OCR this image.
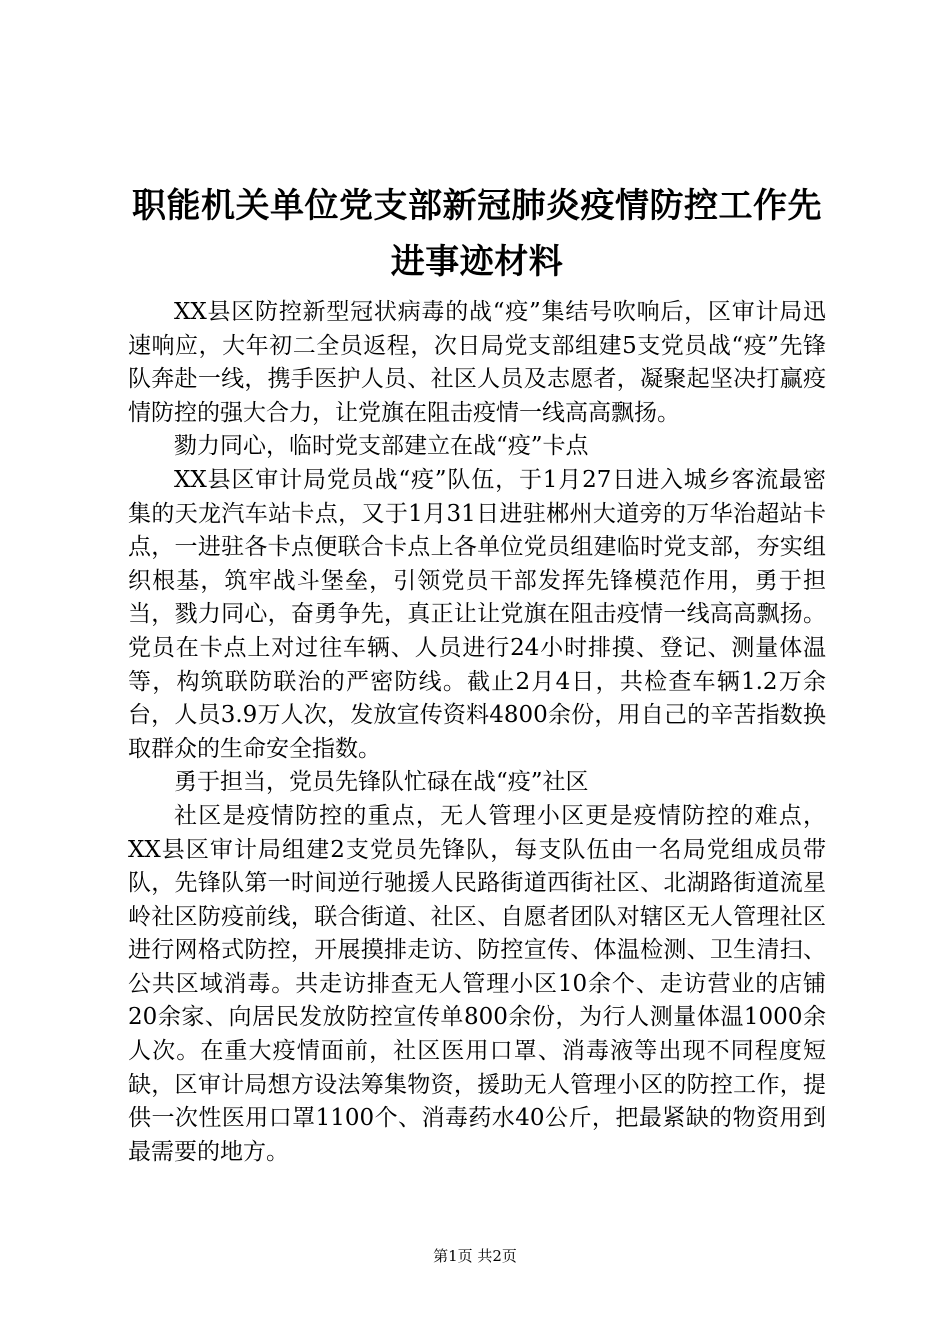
职能机关单位党支部新冠肺炎疫情防控工作先进事迹材料

XX县区防控新型冠状病毒的战“疫”集结号吹响后，区审计局迅速响应，大年初二全员返程，次日局党支部组建5支党员战“疫”先锋队奔赴一线，携手医护人员、社区人员及志愿者，凝聚起坚决打赢疫情防控的强大合力，让党旗在阻击疫情一线高高飘扬。

勠力同心，临时党支部建立在战“疫”卡点

XX县区审计局党员战“疫”队伍，于1月27日进入城乡客流最密集的天龙汽车站卡点，又于1月31日进驻郴州大道旁的万华治超站卡点，一进驻各卡点便联合卡点上各单位党员组建临时党支部，夯实组织根基，筑牢战斗堡垒，引领党员干部发挥先锋模范作用，勇于担当，戮力同心，奋勇争先，真正让让党旗在阻击疫情一线高高飘扬。党员在卡点上对过往车辆、人员进行24小时排摸、登记、测量体温等，构筑联防联治的严密防线。截止2月4日，共检查车辆1.2万余台，人员3.9万人次，发放宣传资料4800余份，用自己的辛苦指数换取群众的生命安全指数。

勇于担当，党员先锋队忙碌在战“疫”社区

社区是疫情防控的重点，无人管理小区更是疫情防控的难点，XX县区审计局组建2支党员先锋队，每支队伍由一名局党组成员带队，先锋队第一时间逆行驰援人民路街道西街社区、北湖路街道流星岭社区防疫前线，联合街道、社区、自愿者团队对辖区无人管理社区进行网格式防控，开展摸排走访、防控宣传、体温检测、卫生清扫、公共区域消毒。共走访排查无人管理小区10余个、走访营业的店铺20余家、向居民发放防控宣传单800余份，为行人测量体温1000余人次。在重大疫情面前，社区医用口罩、消毒液等出现不同程度短缺，区审计局想方设法筹集物资，援助无人管理小区的防控工作，提供一次性医用口罩1100个、消毒药水40公斤，把最紧缺的物资用到最需要的地方。

第1页 共2页
